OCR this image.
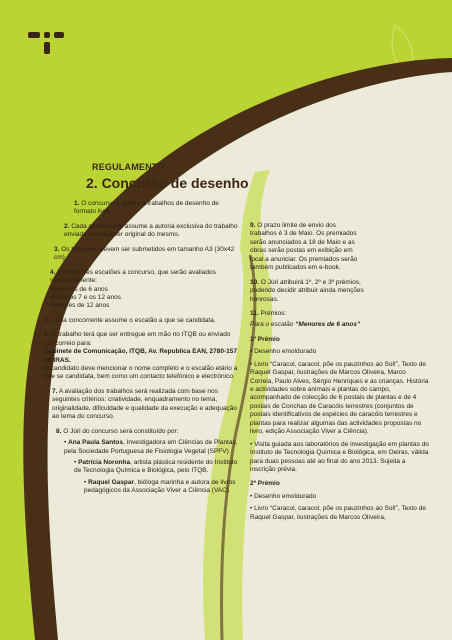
REGULAMENTO
2. Concurso de desenho

1. O concurso é aberto a trabalhos de desenho de formato livre.

2. Cada concorrente assume a autoria exclusiva do trabalho enviado e o carácter original do mesmo.

3. Os trabalhos devem ser submetidos em tamanho A3 (30x42 cm)

4. Existem três escalões a concurso, que serão avaliados separadamente:
•Menores de 6 anos
•Entre os 7 e os 12 anos
•Maiores de 12 anos

5. Cada concorrente assume o escalão a que se candidata.

6. O trabalho terá que ser entregue em mão no ITQB ou enviado por correio para:
Gabinete de Comunicação, ITQB, Av. Republica EAN, 2780-157 OEIRAS.
O candidato deve mencionar o nome completo e o escalão etário a que se candidata, bem como um contacto telefónico e electrónico.

7. A avaliação dos trabalhos será realizada com base nos seguintes critérios: criatividade, enquadramento no tema, originalidade, dificuldade e qualidade da execução e adequação ao tema do concurso.

8. O Júri do concurso será constituído por:

• Ana Paula Santos, Investigadora em Ciências de Plantas, pela Sociedade Portuguesa de Fisiologia Vegetal (SPFV)

• Patrícia Noronha, artista plástica residente do Instituto de Tecnologia Química e Biológica, pelo ITQB.

• Raquel Gaspar, bióloga marinha e autora de livros pedagógicos da Associação Viver a Ciência (VAC)

9. O prazo limite de envio dos trabalhos é 3 de Maio. Os premiados serão anunciados a 18 de Maio e as obras serão postas em exibição em local a anunciar. Os premiados serão também publicados em e-book.

10. O Júri atribuirá 1º, 2º e 3º prémios, podendo decidir atribuir ainda menções honrosas.

11. Prémios:

Para o escalão “Menores de 6 anos”

1º Prémio

• Desenho emoldurado

• Livro “Caracol, caracol, põe os pauzinhos ao Sol!”, Texto de Raquel Gaspar, ilustrações de Marcos Oliveira, Marco Correia, Paulo Alves, Sérgio Henriques e as crianças. História e actividades sobre animais e plantas do campo, acompanhado de colecção de 6 postais de plantas e de 4 postais de Conchas de Caracóis terrestres (conjuntos de postais identificativos de espécies de caracóis terrestres e plantas para realizar algumas das actividades propostas no livro, edição Associação Viver a Ciência).

• Visita guiada aos laboratórios de investigação em plantas do Instituto de Tecnologia Química e Biológica, em Oeiras, válida para duas pessoas até ao final do ano 2013. Sujeita a inscrição prévia.

2º Prémio

• Desenho emoldurado

• Livro “Caracol, caracol, põe os pauzinhos ao Sol!”, Texto de Raquel Gaspar, ilustrações de Marcos Oliveira,
